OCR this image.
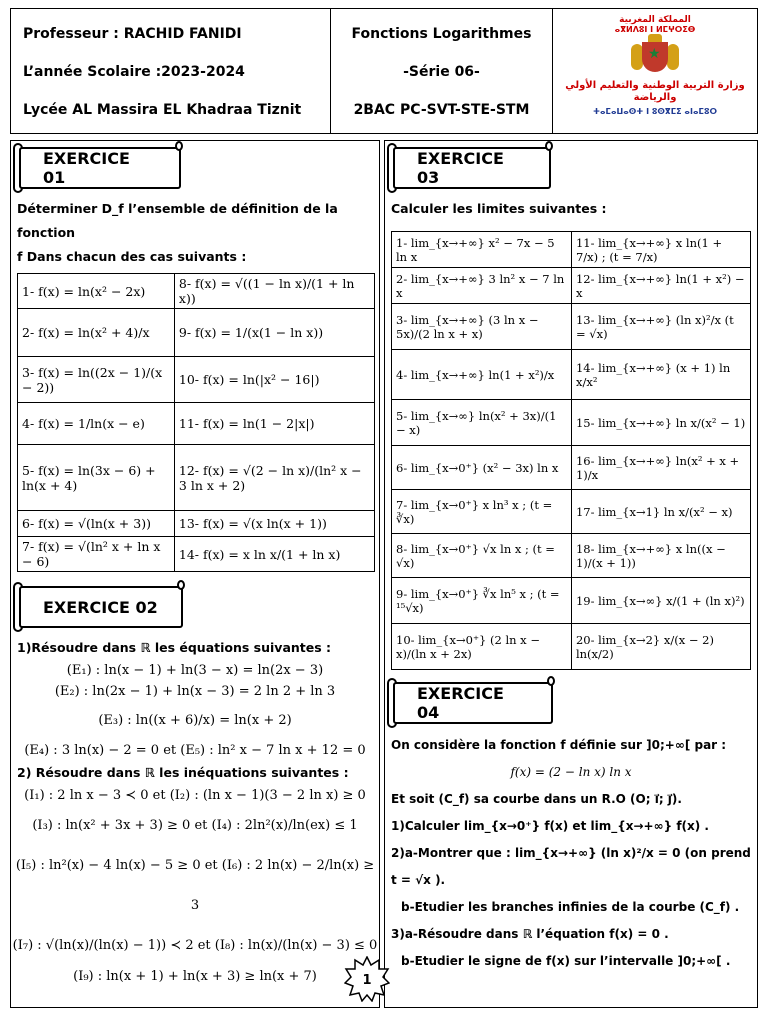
Professeur : RACHID FANIDI
L’année Scolaire :2023-2024
Lycée AL Massira EL Khadraa Tiznit
Fonctions Logarithmes
-Série 06-
2BAC PC-SVT-STE-STM
المملكة المغربية
ⴰⴳⵍⴷⵓⵏ ⵏ ⵍⵎⵖⵔⵉⴱ
★
وزارة التربية الوطنية والتعليم الأولي والرياضة
ⵜⴰⵎⴰⵡⴰⵙⵜ ⵏ ⵓⵙⴳⵎⵉ ⴰⵏⴰⵎⵓⵔ
EXERCICE 01
Déterminer D_f l’ensemble de définition de la fonction
f Dans chacun des cas suivants :
1- f(x) = ln(x² − 2x)	8- f(x) = √((1 − ln x)/(1 + ln x))
2- f(x) = ln(x² + 4)/x	9- f(x) = 1/(x(1 − ln x))
3- f(x) = ln((2x − 1)/(x − 2))	10- f(x) = ln(|x² − 16|)
4- f(x) = 1/ln(x − e)	11- f(x) = ln(1 − 2|x|)
5- f(x) = ln(3x − 6) + ln(x + 4)	12- f(x) = √(2 − ln x)/(ln² x − 3 ln x + 2)
6- f(x) = √(ln(x + 3))	13- f(x) = √(x ln(x + 1))
7- f(x) = √(ln² x + ln x − 6)	14- f(x) = x ln x/(1 + ln x)
EXERCICE 02
1)Résoudre dans ℝ les équations suivantes :
(E₁) : ln(x − 1) + ln(3 − x) = ln(2x − 3)
(E₂) : ln(2x − 1) + ln(x − 3) = 2 ln 2 + ln 3
(E₃) : ln((x + 6)/x) = ln(x + 2)
(E₄) : 3 ln(x) − 2 = 0 et (E₅) : ln² x − 7 ln x + 12 = 0
2) Résoudre dans ℝ les inéquations suivantes :
(I₁) : 2 ln x − 3 ≺ 0 et (I₂) : (ln x − 1)(3 − 2 ln x) ≥ 0
(I₃) : ln(x² + 3x + 3) ≥ 0 et (I₄) : 2ln²(x)/ln(ex) ≤ 1
(I₅) : ln²(x) − 4 ln(x) − 5 ≥ 0 et (I₆) : 2 ln(x) − 2/ln(x) ≥ 3
(I₇) : √(ln(x)/(ln(x) − 1)) ≺ 2 et (I₈) : ln(x)/(ln(x) − 3) ≤ 0
(I₉) : ln(x + 1) + ln(x + 3) ≥ ln(x + 7)
EXERCICE 03
Calculer les limites suivantes :
1- lim_{x→+∞} x² − 7x − 5 ln x	11- lim_{x→+∞} x ln(1 + 7/x) ; (t = 7/x)
2- lim_{x→+∞} 3 ln² x − 7 ln x	12- lim_{x→+∞} ln(1 + x²) − x
3- lim_{x→+∞} (3 ln x − 5x)/(2 ln x + x)	13- lim_{x→+∞} (ln x)²/x (t = √x)
4- lim_{x→+∞} ln(1 + x²)/x	14- lim_{x→+∞} (x + 1) ln x/x²
5- lim_{x→∞} ln(x² + 3x)/(1 − x)	15- lim_{x→+∞} ln x/(x² − 1)
6- lim_{x→0⁺} (x² − 3x) ln x	16- lim_{x→+∞} ln(x² + x + 1)/x
7- lim_{x→0⁺} x ln³ x ; (t = ∛x)	17- lim_{x→1} ln x/(x² − x)
8- lim_{x→0⁺} √x ln x ; (t = √x)	18- lim_{x→+∞} x ln((x − 1)/(x + 1))
9- lim_{x→0⁺} ∛x ln⁵ x ; (t = ¹⁵√x)	19- lim_{x→∞} x/(1 + (ln x)²)
10- lim_{x→0⁺} (2 ln x − x)/(ln x + 2x)	20- lim_{x→2} x/(x − 2) ln(x/2)
EXERCICE 04
On considère la fonction f définie sur ]0;+∞[ par :
f(x) = (2 − ln x) ln x
Et soit (C_f) sa courbe dans un R.O (O; i⃗; j⃗).
1)Calculer lim_{x→0⁺} f(x) et lim_{x→+∞} f(x) .
2)a-Montrer que : lim_{x→+∞} (ln x)²/x = 0 (on prend t = √x ).
b-Etudier les branches infinies de la courbe (C_f) .
3)a-Résoudre dans ℝ l’équation f(x) = 0 .
b-Etudier le signe de f(x) sur l’intervalle ]0;+∞[ .
1
